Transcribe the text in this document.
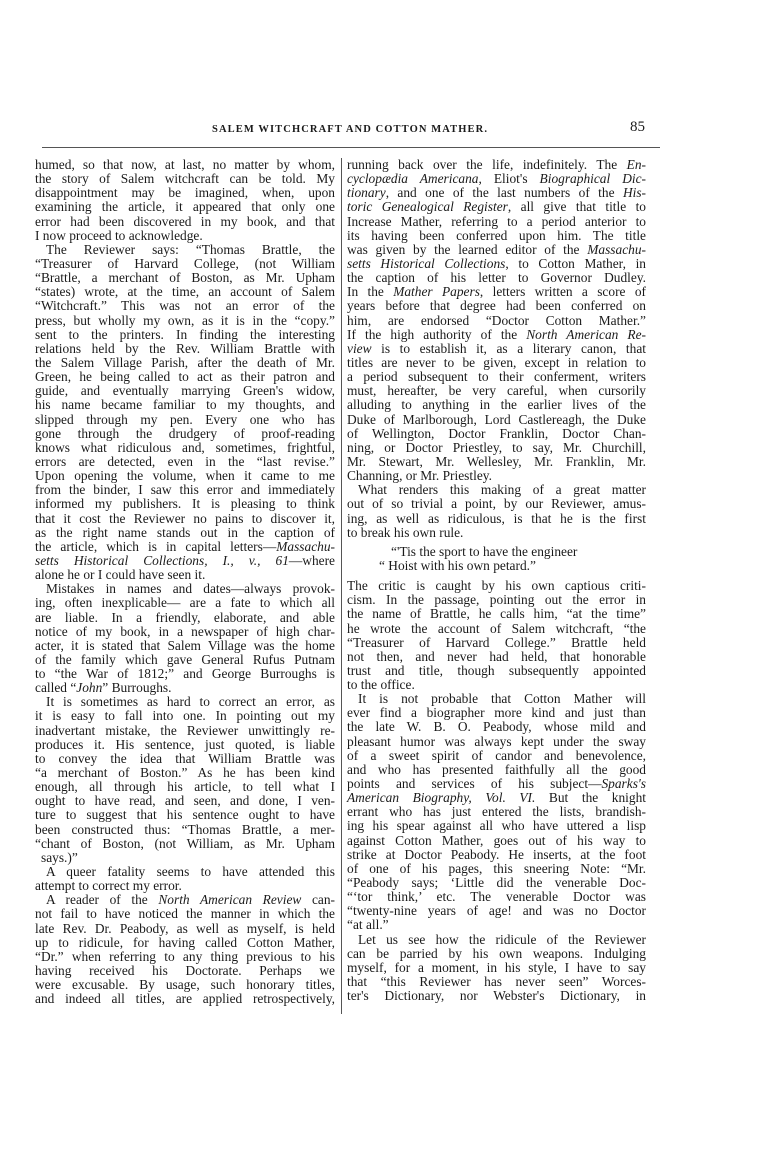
SALEM WITCHCRAFT AND COTTON MATHER.	85
humed, so that now, at last, no matter by whom,
the story of Salem witchcraft can be told. My
disappointment may be imagined, when, upon
examining the article, it appeared that only one
error had been discovered in my book, and that
I now proceed to acknowledge.
The Reviewer says: “Thomas Brattle, the
“Treasurer of Harvard College, (not William
“Brattle, a merchant of Boston, as Mr. Upham
“states) wrote, at the time, an account of Salem
“Witchcraft.” This was not an error of the
press, but wholly my own, as it is in the “copy.”
sent to the printers. In finding the interesting
relations held by the Rev. William Brattle with
the Salem Village Parish, after the death of Mr.
Green, he being called to act as their patron and
guide, and eventually marrying Green's widow,
his name became familiar to my thoughts, and
slipped through my pen. Every one who has
gone through the drudgery of proof-reading
knows what ridiculous and, sometimes, frightful,
errors are detected, even in the “last revise.”
Upon opening the volume, when it came to me
from the binder, I saw this error and immediately
informed my publishers. It is pleasing to think
that it cost the Reviewer no pains to discover it,
as the right name stands out in the caption of
the article, which is in capital letters—Massachu-
setts Historical Collections, I., v., 61—where
alone he or I could have seen it.
Mistakes in names and dates—always provok-
ing, often inexplicable— are a fate to which all
are liable. In a friendly, elaborate, and able
notice of my book, in a newspaper of high char-
acter, it is stated that Salem Village was the home
of the family which gave General Rufus Putnam
to “the War of 1812;” and George Burroughs is
called “John” Burroughs.
It is sometimes as hard to correct an error, as
it is easy to fall into one. In pointing out my
inadvertant mistake, the Reviewer unwittingly re-
produces it. His sentence, just quoted, is liable
to convey the idea that William Brattle was
“a merchant of Boston.” As he has been kind
enough, all through his article, to tell what I
ought to have read, and seen, and done, I ven-
ture to suggest that his sentence ought to have
been constructed thus: “Thomas Brattle, a mer-
“chant of Boston, (not William, as Mr. Upham
says.)”
A queer fatality seems to have attended this
attempt to correct my error.
A reader of the North American Review can-
not fail to have noticed the manner in which the
late Rev. Dr. Peabody, as well as myself, is held
up to ridicule, for having called Cotton Mather,
“Dr.” when referring to any thing previous to his
having received his Doctorate. Perhaps we
were excusable. By usage, such honorary titles,
and indeed all titles, are applied retrospectively,
running back over the life, indefinitely. The En-
cyclopædia Americana, Eliot's Biographical Dic-
tionary, and one of the last numbers of the His-
toric Genealogical Register, all give that title to
Increase Mather, referring to a period anterior to
its having been conferred upon him. The title
was given by the learned editor of the Massachu-
setts Historical Collections, to Cotton Mather, in
the caption of his letter to Governor Dudley.
In the Mather Papers, letters written a score of
years before that degree had been conferred on
him, are endorsed “Doctor Cotton Mather.”
If the high authority of the North American Re-
view is to establish it, as a literary canon, that
titles are never to be given, except in relation to
a period subsequent to their conferment, writers
must, hereafter, be very careful, when cursorily
alluding to anything in the earlier lives of the
Duke of Marlborough, Lord Castlereagh, the Duke
of Wellington, Doctor Franklin, Doctor Chan-
ning, or Doctor Priestley, to say, Mr. Churchill,
Mr. Stewart, Mr. Wellesley, Mr. Franklin, Mr.
Channing, or Mr. Priestley.
What renders this making of a great matter
out of so trivial a point, by our Reviewer, amus-
ing, as well as ridiculous, is that he is the first
to break his own rule.
“'Tis the sport to have the engineer
“ Hoist with his own petard.”
The critic is caught by his own captious criti-
cism. In the passage, pointing out the error in
the name of Brattle, he calls him, “at the time”
he wrote the account of Salem witchcraft, “the
“Treasurer of Harvard College.” Brattle held
not then, and never had held, that honorable
trust and title, though subsequently appointed
to the office.
It is not probable that Cotton Mather will
ever find a biographer more kind and just than
the late W. B. O. Peabody, whose mild and
pleasant humor was always kept under the sway
of a sweet spirit of candor and benevolence,
and who has presented faithfully all the good
points and services of his subject—Sparks's
American Biography, Vol. VI. But the knight
errant who has just entered the lists, brandish-
ing his spear against all who have uttered a lisp
against Cotton Mather, goes out of his way to
strike at Doctor Peabody. He inserts, at the foot
of one of his pages, this sneering Note: “Mr.
“Peabody says; ‘Little did the venerable Doc-
“‘tor think,’ etc. The venerable Doctor was
“twenty-nine years of age! and was no Doctor
“at all.”
Let us see how the ridicule of the Reviewer
can be parried by his own weapons. Indulging
myself, for a moment, in his style, I have to say
that “this Reviewer has never seen” Worces-
ter's Dictionary, nor Webster's Dictionary, in
